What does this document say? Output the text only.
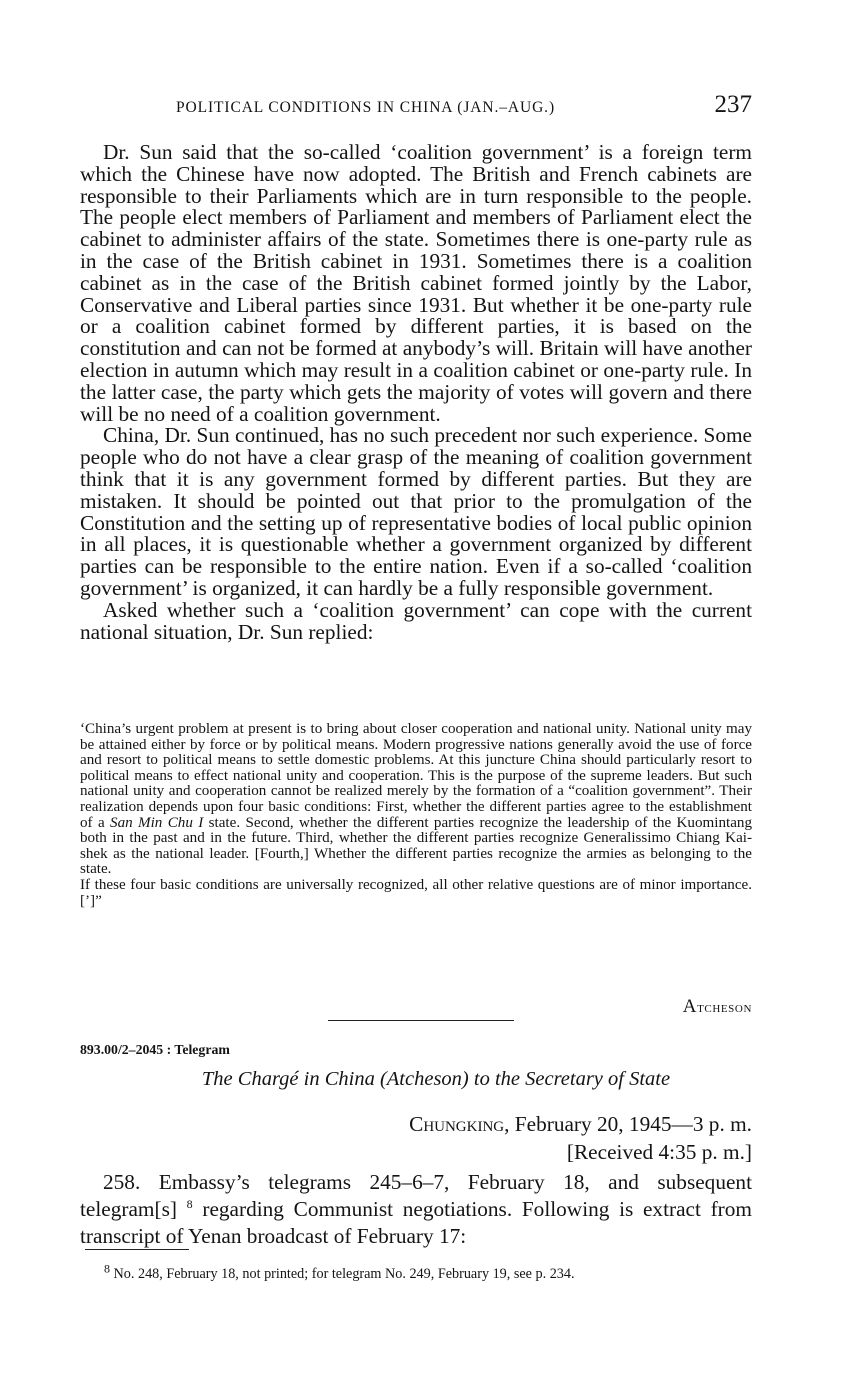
POLITICAL CONDITIONS IN CHINA (JAN.–AUG.)	237

Dr. Sun said that the so-called ‘coalition government’ is a foreign term which the Chinese have now adopted. The British and French cabinets are responsible to their Parliaments which are in turn responsible to the people. The people elect members of Parliament and members of Parliament elect the cabinet to administer affairs of the state. Sometimes there is one-party rule as in the case of the British cabinet in 1931. Sometimes there is a coalition cabinet as in the case of the British cabinet formed jointly by the Labor, Conservative and Liberal parties since 1931. But whether it be one-party rule or a coalition cabinet formed by different parties, it is based on the constitution and can not be formed at anybody’s will. Britain will have another election in autumn which may result in a coalition cabinet or one-party rule. In the latter case, the party which gets the majority of votes will govern and there will be no need of a coalition government.

China, Dr. Sun continued, has no such precedent nor such experience. Some people who do not have a clear grasp of the meaning of coalition government think that it is any government formed by different parties. But they are mistaken. It should be pointed out that prior to the promulgation of the Constitution and the setting up of representative bodies of local public opinion in all places, it is questionable whether a government organized by different parties can be responsible to the entire nation. Even if a so-called ‘coalition government’ is organized, it can hardly be a fully responsible government.

Asked whether such a ‘coalition government’ can cope with the current national situation, Dr. Sun replied:

‘China’s urgent problem at present is to bring about closer cooperation and national unity. National unity may be attained either by force or by political means. Modern progressive nations generally avoid the use of force and resort to political means to settle domestic problems. At this juncture China should particularly resort to political means to effect national unity and cooperation. This is the purpose of the supreme leaders. But such national unity and cooperation cannot be realized merely by the formation of a “coalition government”. Their realization depends upon four basic conditions: First, whether the different parties agree to the establishment of a San Min Chu I state. Second, whether the different parties recognize the leadership of the Kuomintang both in the past and in the future. Third, whether the different parties recognize Generalissimo Chiang Kai-shek as the national leader. [Fourth,] Whether the different parties recognize the armies as belonging to the state.

If these four basic conditions are universally recognized, all other relative questions are of minor importance.[’]”

Atcheson
893.00/2–2045 : Telegram
The Chargé in China (Atcheson) to the Secretary of State
Chungking, February 20, 1945—3 p. m.
[Received 4:35 p. m.]

258. Embassy’s telegrams 245–6–7, February 18, and subsequent telegram[s] $^8$ regarding Communist negotiations. Following is extract from transcript of Yenan broadcast of February 17:

$^8$ No. 248, February 18, not printed; for telegram No. 249, February 19, see p. 234.
